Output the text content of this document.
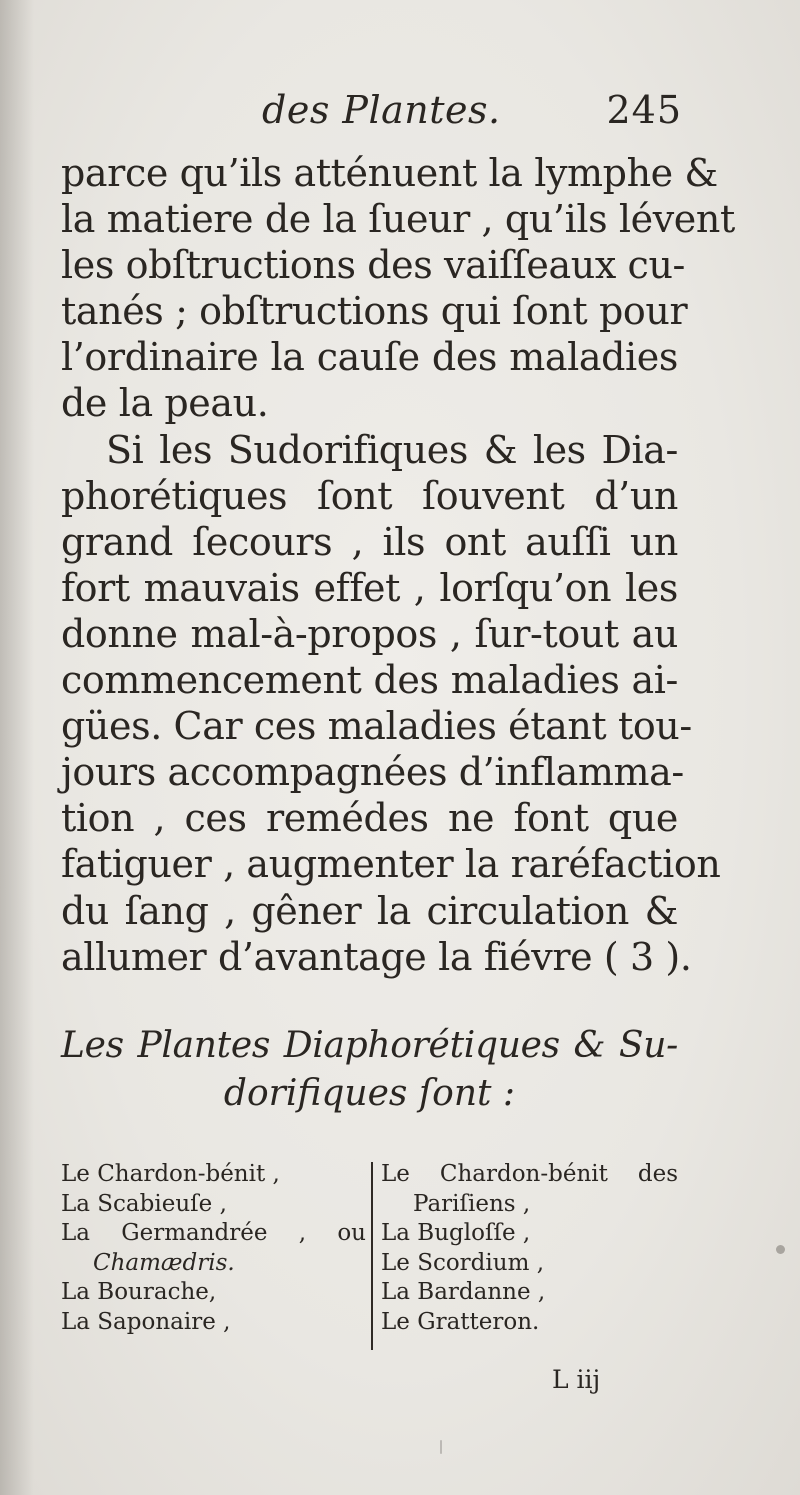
des Plantes.	245
parce qu’ils atténuent la lymphe &
la matiere de la ſueur , qu’ils lévent
les obſtructions des vaiſſeaux cu-
tanés ; obſtructions qui ſont pour
l’ordinaire la cauſe des maladies
de la peau.
Si les Sudorifiques & les Dia-
phorétiques ſont ſouvent d’un
grand ſecours , ils ont auſſi un
fort mauvais effet , lorſqu’on les
donne mal-à-propos , ſur-tout au
commencement des maladies ai-
gües. Car ces maladies étant tou-
jours accompagnées d’inflamma-
tion , ces remédes ne font que
fatiguer , augmenter la raréfaction
du ſang , gêner la circulation &
allumer d’avantage la fiévre ( 3 ).
Les Plantes Diaphorétiques & Su-
dorifiques ſont :
Le Chardon-bénit ,
La Scabieuſe ,
La Germandrée , ou
Chamædris.
La Bourache,
La Saponaire ,
Le Chardon-bénit des
Pariſiens ,
La Bugloſſe ,
Le Scordium ,
La Bardanne ,
Le Gratteron.
L iij
